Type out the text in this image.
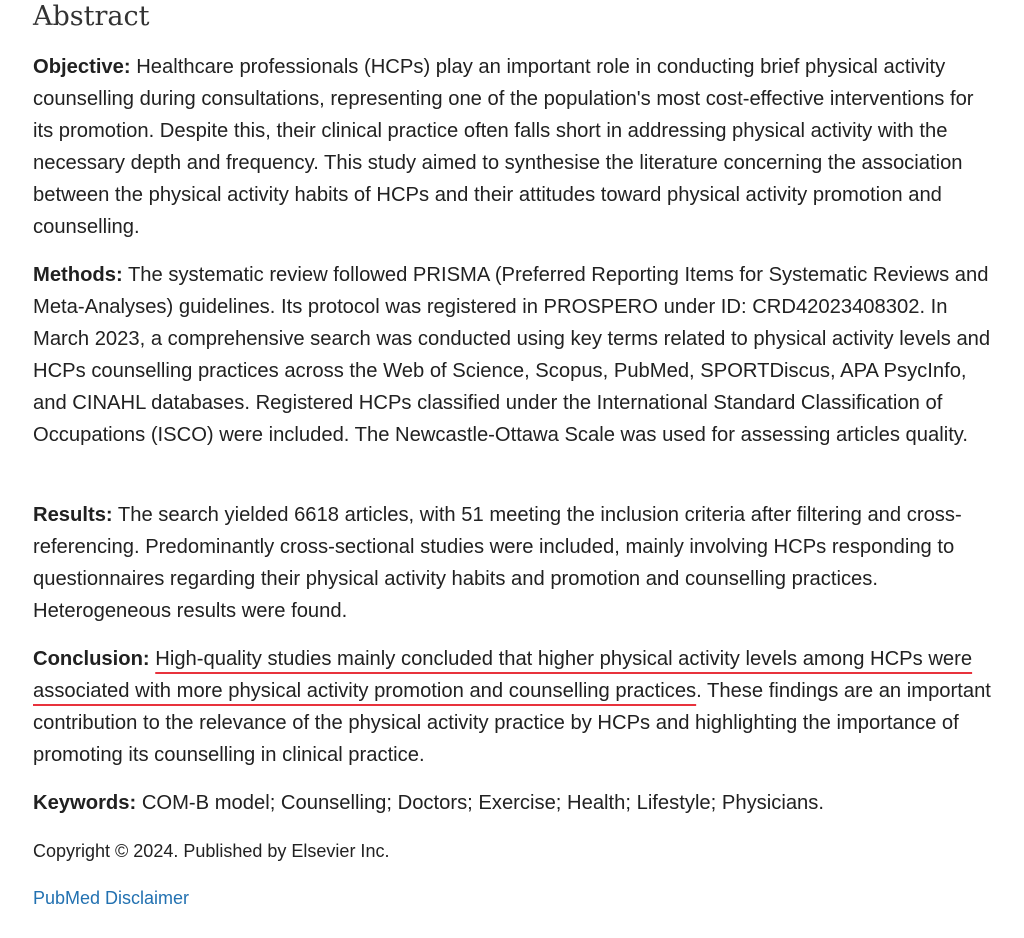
Abstract

Objective: Healthcare professionals (HCPs) play an important role in conducting brief physical activity counselling during consultations, representing one of the population's most cost-effective interventions for its promotion. Despite this, their clinical practice often falls short in addressing physical activity with the necessary depth and frequency. This study aimed to synthesise the literature concerning the association between the physical activity habits of HCPs and their attitudes toward physical activity promotion and counselling.

Methods: The systematic review followed PRISMA (Preferred Reporting Items for Systematic Reviews and Meta-Analyses) guidelines. Its protocol was registered in PROSPERO under ID: CRD42023408302. In March 2023, a comprehensive search was conducted using key terms related to physical activity levels and HCPs counselling practices across the Web of Science, Scopus, PubMed, SPORTDiscus, APA PsycInfo, and CINAHL databases. Registered HCPs classified under the International Standard Classification of Occupations (ISCO) were included. The Newcastle-Ottawa Scale was used for assessing articles quality.

Results: The search yielded 6618 articles, with 51 meeting the inclusion criteria after filtering and cross-referencing. Predominantly cross-sectional studies were included, mainly involving HCPs responding to questionnaires regarding their physical activity habits and promotion and counselling practices. Heterogeneous results were found.

Conclusion: High-quality studies mainly concluded that higher physical activity levels among HCPs were associated with more physical activity promotion and counselling practices. These findings are an important contribution to the relevance of the physical activity practice by HCPs and highlighting the importance of promoting its counselling in clinical practice.

Keywords: COM-B model; Counselling; Doctors; Exercise; Health; Lifestyle; Physicians.

Copyright © 2024. Published by Elsevier Inc.

PubMed Disclaimer
